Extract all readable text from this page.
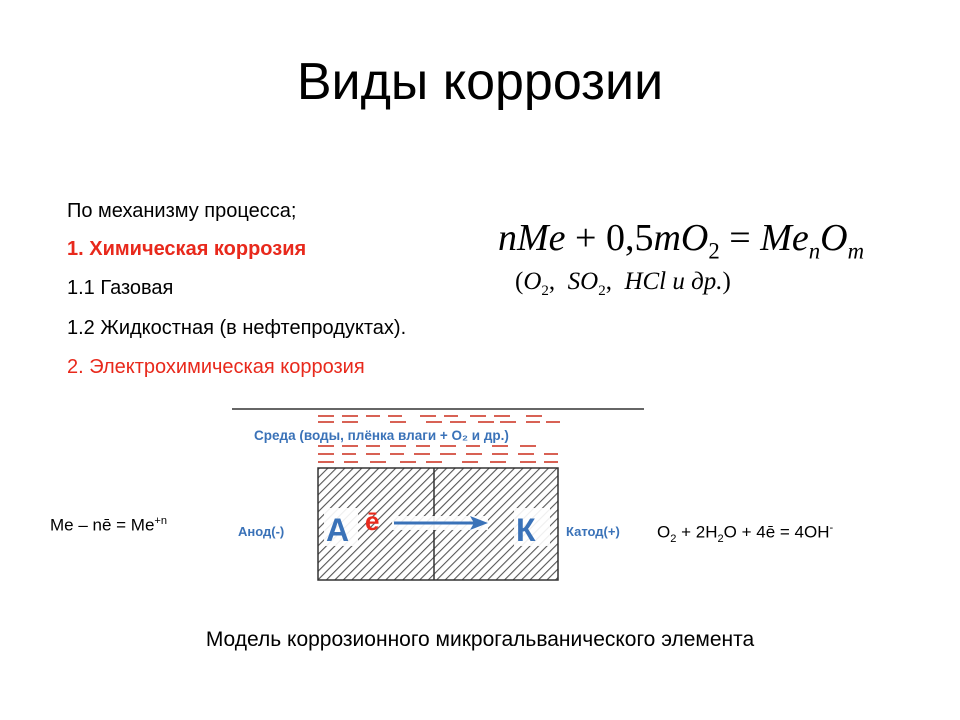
Виды коррозии
По механизму процесса;
1. Химическая коррозия
1.1 Газовая
1.2 Жидкостная (в нефтепродуктах).
2. Электрохимическая коррозия
nMe + $0,5mO_2 = Me_nO_m$
($O_2$, $SO_2$, HCl и др.)
Среда (воды, плёнка влаги + O₂ и др.)
А ē	К
Анод(-)	Катод(+)
Me – nē = $Me^{+n}$
$O_2 + 2H_2O$ + 4ē = 4OH-
Модель коррозионного микрогальванического элемента
